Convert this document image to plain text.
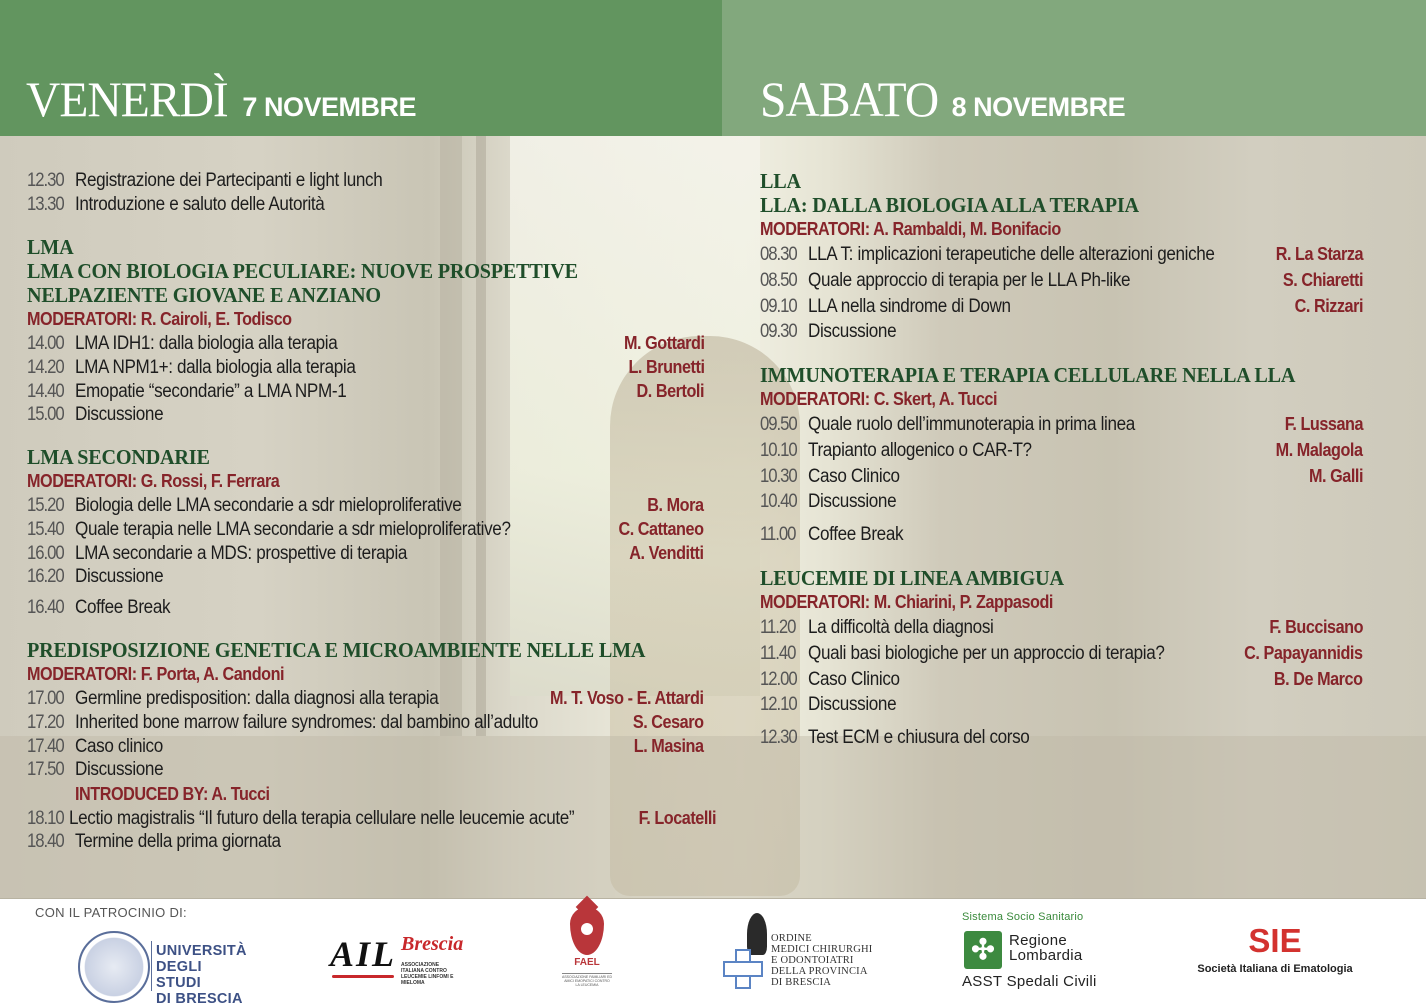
VENERDÌ 7 NOVEMBRE	SABATO 8 NOVEMBRE
12.30 Registrazione dei Partecipanti e light lunch
13.30 Introduzione e saluto delle Autorità
LMA
LMA CON BIOLOGIA PECULIARE: NUOVE PROSPETTIVE
NELPAZIENTE GIOVANE E ANZIANO
MODERATORI: R. Cairoli, E. Todisco
14.00 LMA IDH1: dalla biologia alla terapia	M. Gottardi
14.20 LMA NPM1+: dalla biologia alla terapia	L. Brunetti
14.40 Emopatie “secondarie” a LMA NPM-1	D. Bertoli
15.00 Discussione
LMA SECONDARIE
MODERATORI: G. Rossi, F. Ferrara
15.20 Biologia delle LMA secondarie a sdr mieloproliferative	B. Mora
15.40 Quale terapia nelle LMA secondarie a sdr mieloproliferative?	C. Cattaneo
16.00 LMA secondarie a MDS: prospettive di terapia	A. Venditti
16.20 Discussione
16.40 Coffee Break
PREDISPOSIZIONE GENETICA E MICROAMBIENTE NELLE LMA
MODERATORI: F. Porta, A. Candoni
17.00 Germline predisposition: dalla diagnosi alla terapia	M. T. Voso - E. Attardi
17.20 Inherited bone marrow failure syndromes: dal bambino all’adulto	S. Cesaro
17.40 Caso clinico	L. Masina
17.50 Discussione
INTRODUCED BY: A. Tucci
18.10 Lectio magistralis “Il futuro della terapia cellulare nelle leucemie acute”	F. Locatelli
18.40 Termine della prima giornata
LLA
LLA: DALLA BIOLOGIA ALLA TERAPIA
MODERATORI: A. Rambaldi, M. Bonifacio
08.30 LLA T: implicazioni terapeutiche delle alterazioni geniche	R. La Starza
08.50 Quale approccio di terapia per le LLA Ph-like	S. Chiaretti
09.10 LLA nella sindrome di Down	C. Rizzari
09.30 Discussione
IMMUNOTERAPIA E TERAPIA CELLULARE NELLA LLA
MODERATORI: C. Skert, A. Tucci
09.50 Quale ruolo dell’immunoterapia in prima linea	F. Lussana
10.10 Trapianto allogenico o CAR-T?	M. Malagola
10.30 Caso Clinico	M. Galli
10.40 Discussione
11.00 Coffee Break
LEUCEMIE DI LINEA AMBIGUA
MODERATORI: M. Chiarini, P. Zappasodi
11.20 La difficoltà della diagnosi	F. Buccisano
11.40 Quali basi biologiche per un approccio di terapia?	C. Papayannidis
12.00 Caso Clinico	B. De Marco
12.10 Discussione
12.30 Test ECM e chiusura del corso
CON IL PATROCINIO DI:
UNIVERSITÀ
DEGLI STUDI
DI BRESCIA
AIL Brescia
ASSOCIAZIONE ITALIANA CONTRO LEUCEMIE LINFOMI E MIELOMA
FAEL
ASSOCIAZIONE FAMILIARI ED AMICI EMOPATICI CONTRO LA LEUCEMIA
ORDINE
MEDICI CHIRURGHI
E ODONTOIATRI
DELLA PROVINCIA
DI BRESCIA
Sistema Socio Sanitario
✣ Regione
Lombardia
ASST Spedali Civili
SIE
Società Italiana di Ematologia
